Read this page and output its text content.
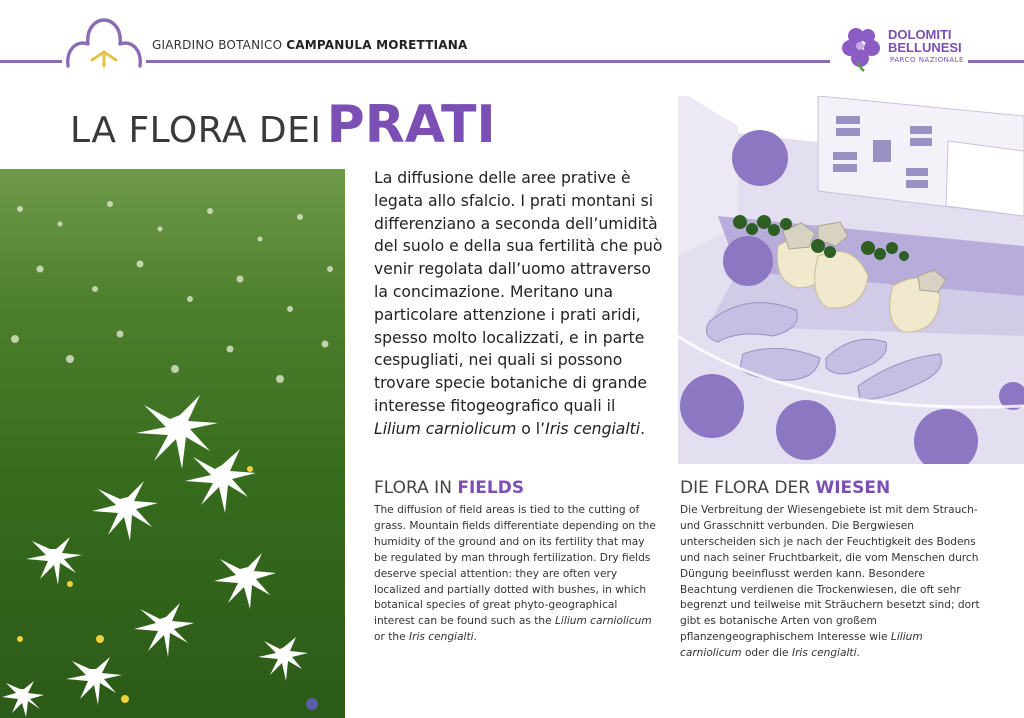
GIARDINO BOTANICO CAMPANULA MORETTIANA
DOLOMITI
BELLUNESI
PARCO NAZIONALE
LA FLORA DEI PRATI

La diffusione delle aree prative è legata allo sfalcio. I prati montani si differenziano a seconda dell’umidità del suolo e della sua fertilità che può venir regolata dall’uomo attraverso la concimazione. Meritano una particolare attenzione i prati aridi, spesso molto localizzati, e in parte cespugliati, nei quali si possono trovare specie botaniche di grande interesse fitogeografico quali il Lilium carniolicum o l’Iris cengialti.

FLORA IN FIELDS

The diffusion of field areas is tied to the cutting of grass. Mountain fields differentiate depending on the humidity of the ground and on its fertility that may be regulated by man through fertilization. Dry fields deserve special attention: they are often very localized and partially dotted with bushes, in which botanical species of great phyto-geographical interest can be found such as the Lilium carniolicum or the Iris cengialti.

DIE FLORA DER WIESEN

Die Verbreitung der Wiesengebiete ist mit dem Strauch- und Grasschnitt verbunden. Die Bergwiesen unterscheiden sich je nach der Feuchtigkeit des Bodens und nach seiner Fruchtbarkeit, die vom Menschen durch Düngung beeinflusst werden kann. Besondere Beachtung verdienen die Trockenwiesen, die oft sehr begrenzt und teilweise mit Sträuchern besetzt sind; dort gibt es botanische Arten von großem pflanzengeographischem Interesse wie Lilium carniolicum oder die Iris cengialti.
